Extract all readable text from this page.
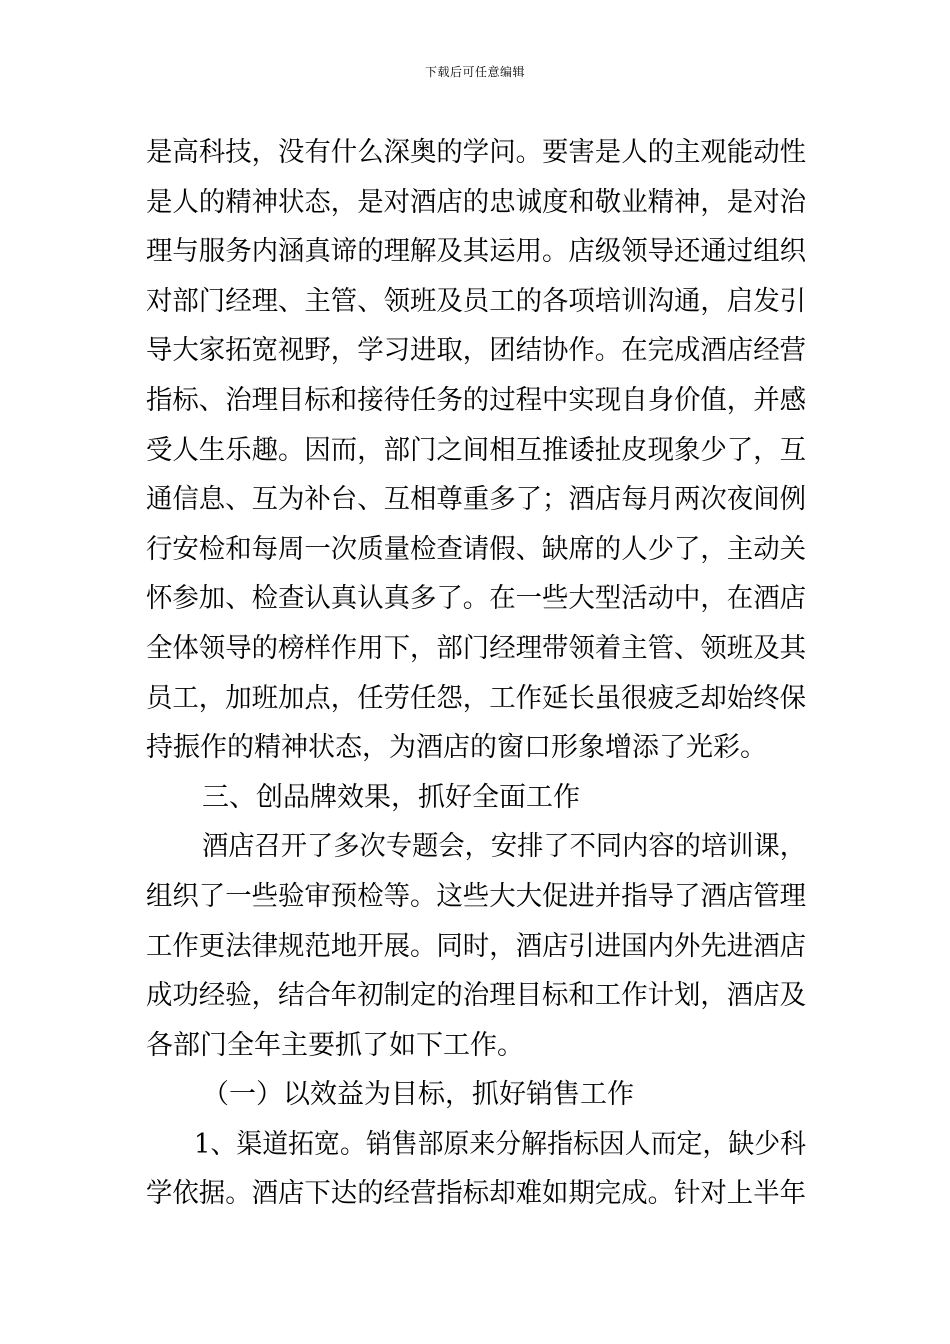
下载后可任意编辑
是高科技，没有什么深奥的学问。要害是人的主观能动性
是人的精神状态，是对酒店的忠诚度和敬业精神，是对治
理与服务内涵真谛的理解及其运用。店级领导还通过组织
对部门经理、主管、领班及员工的各项培训沟通，启发引
导大家拓宽视野，学习进取，团结协作。在完成酒店经营
指标、治理目标和接待任务的过程中实现自身价值，并感
受人生乐趣。因而，部门之间相互推诿扯皮现象少了，互
通信息、互为补台、互相尊重多了；酒店每月两次夜间例
行安检和每周一次质量检查请假、缺席的人少了，主动关
怀参加、检查认真认真多了。在一些大型活动中，在酒店
全体领导的榜样作用下，部门经理带领着主管、领班及其
员工，加班加点，任劳任怨，工作延长虽很疲乏却始终保
持振作的精神状态，为酒店的窗口形象增添了光彩。
三、创品牌效果，抓好全面工作
酒店召开了多次专题会，安排了不同内容的培训课，
组织了一些验审预检等。这些大大促进并指导了酒店管理
工作更法律规范地开展。同时，酒店引进国内外先进酒店
成功经验，结合年初制定的治理目标和工作计划，酒店及
各部门全年主要抓了如下工作。
（一）以效益为目标，抓好销售工作
1、渠道拓宽。销售部原来分解指标因人而定，缺少科
学依据。酒店下达的经营指标却难如期完成。针对上半年
